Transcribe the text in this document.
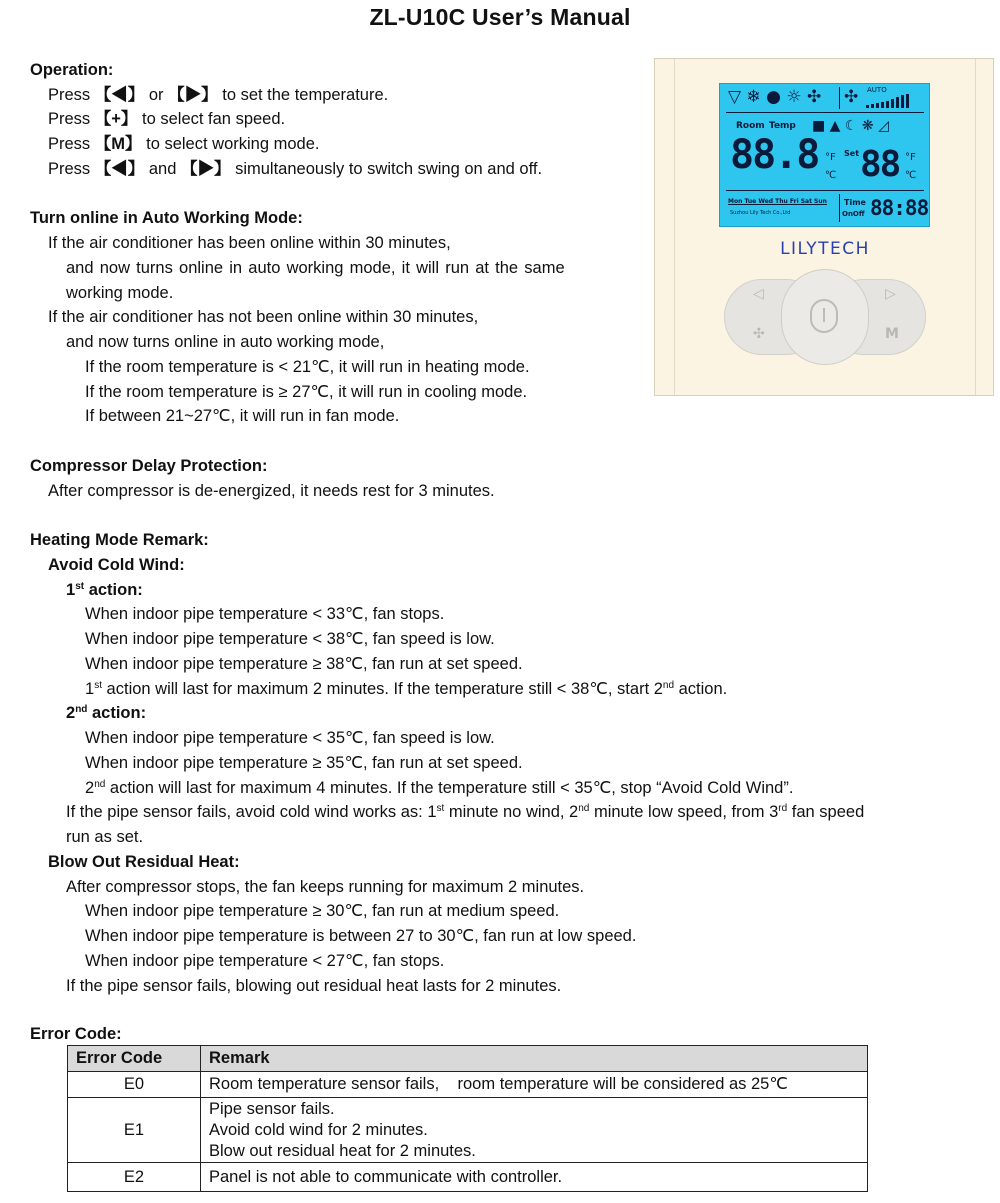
ZL-U10C User’s Manual
Operation:
Press 【◀】 or 【▶】 to set the temperature.
Press 【+】 to select fan speed.
Press 【M】 to select working mode.
Press 【◀】 and 【▶】 simultaneously to switch swing on and off.
Turn online in Auto Working Mode:
If the air conditioner has been online within 30 minutes,
and now turns online in auto working mode, it will run at the same
working mode.
If the air conditioner has not been online within 30 minutes,
and now turns online in auto working mode,
If the room temperature is < 21℃, it will run in heating mode.
If the room temperature is ≥ 27℃, it will run in cooling mode.
If between 21~27℃, it will run in fan mode.
Compressor Delay Protection:
After compressor is de-energized, it needs rest for 3 minutes.
Heating Mode Remark:
Avoid Cold Wind:
1st action:
When indoor pipe temperature < 33℃, fan stops.
When indoor pipe temperature < 38℃, fan speed is low.
When indoor pipe temperature ≥ 38℃, fan run at set speed.
1st action will last for maximum 2 minutes. If the temperature still < 38℃, start 2nd action.
2nd action:
When indoor pipe temperature < 35℃, fan speed is low.
When indoor pipe temperature ≥ 35℃, fan run at set speed.
2nd action will last for maximum 4 minutes. If the temperature still < 35℃, stop “Avoid Cold Wind”.
If the pipe sensor fails, avoid cold wind works as: 1st minute no wind, 2nd minute low speed, from 3rd fan speed
run as set.
Blow Out Residual Heat:
After compressor stops, the fan keeps running for maximum 2 minutes.
When indoor pipe temperature ≥ 30℃, fan run at medium speed.
When indoor pipe temperature is between 27 to 30℃, fan run at low speed.
When indoor pipe temperature < 27℃, fan stops.
If the pipe sensor fails, blowing out residual heat lasts for 2 minutes.
Error Code:
Error Code	Remark
E0	Room temperature sensor fails,    room temperature will be considered as 25℃
E1	Pipe sensor fails.
Avoid cold wind for 2 minutes.
Blow out residual heat for 2 minutes.

E2	Panel is not able to communicate with controller.
▽ ❄ ● ☼ ✣ ✣ AUTO
Room Temp ■ ▲ ☾ ❋ ◿
88.8 °F
℃
Set 88 °F
℃
Mon Tue Wed Thu Fri Sat Sun
Suzhou Lily Tech Co.,Ltd
Time
OnOff 88:88
LILYTECH
◁
✣
▷
M
